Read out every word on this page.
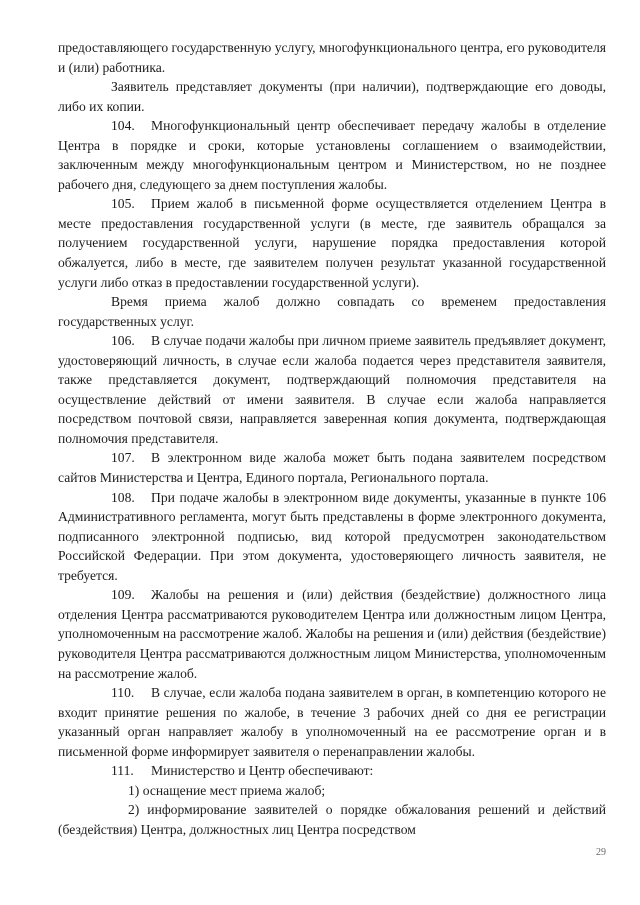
предоставляющего государственную услугу, многофункционального центра, его руководителя и (или) работника.

Заявитель представляет документы (при наличии), подтверждающие его доводы, либо их копии.

104. Многофункциональный центр обеспечивает передачу жалобы в отделение Центра в порядке и сроки, которые установлены соглашением о взаимодействии, заключенным между многофункциональным центром и Министерством, но не позднее рабочего дня, следующего за днем поступления жалобы.

105. Прием жалоб в письменной форме осуществляется отделением Центра в месте предоставления государственной услуги (в месте, где заявитель обращался за получением государственной услуги, нарушение порядка предоставления которой обжалуется, либо в месте, где заявителем получен результат указанной государственной услуги либо отказ в предоставлении государственной услуги).

Время приема жалоб должно совпадать со временем предоставления государственных услуг.

106. В случае подачи жалобы при личном приеме заявитель предъявляет документ, удостоверяющий личность, в случае если жалоба подается через представителя заявителя, также представляется документ, подтверждающий полномочия представителя на осуществление действий от имени заявителя. В случае если жалоба направляется посредством почтовой связи, направляется заверенная копия документа, подтверждающая полномочия представителя.

107. В электронном виде жалоба может быть подана заявителем посредством сайтов Министерства и Центра, Единого портала, Регионального портала.

108. При подаче жалобы в электронном виде документы, указанные в пункте 106 Административного регламента, могут быть представлены в форме электронного документа, подписанного электронной подписью, вид которой предусмотрен законодательством Российской Федерации. При этом документа, удостоверяющего личность заявителя, не требуется.

109. Жалобы на решения и (или) действия (бездействие) должностного лица отделения Центра рассматриваются руководителем Центра или должностным лицом Центра, уполномоченным на рассмотрение жалоб. Жалобы на решения и (или) действия (бездействие) руководителя Центра рассматриваются должностным лицом Министерства, уполномоченным на рассмотрение жалоб.

110. В случае, если жалоба подана заявителем в орган, в компетенцию которого не входит принятие решения по жалобе, в течение 3 рабочих дней со дня ее регистрации указанный орган направляет жалобу в уполномоченный на ее рассмотрение орган и в письменной форме информирует заявителя о перенаправлении жалобы.

111. Министерство и Центр обеспечивают:

1) оснащение мест приема жалоб;

2) информирование заявителей о порядке обжалования решений и действий (бездействия) Центра, должностных лиц Центра посредством

29
